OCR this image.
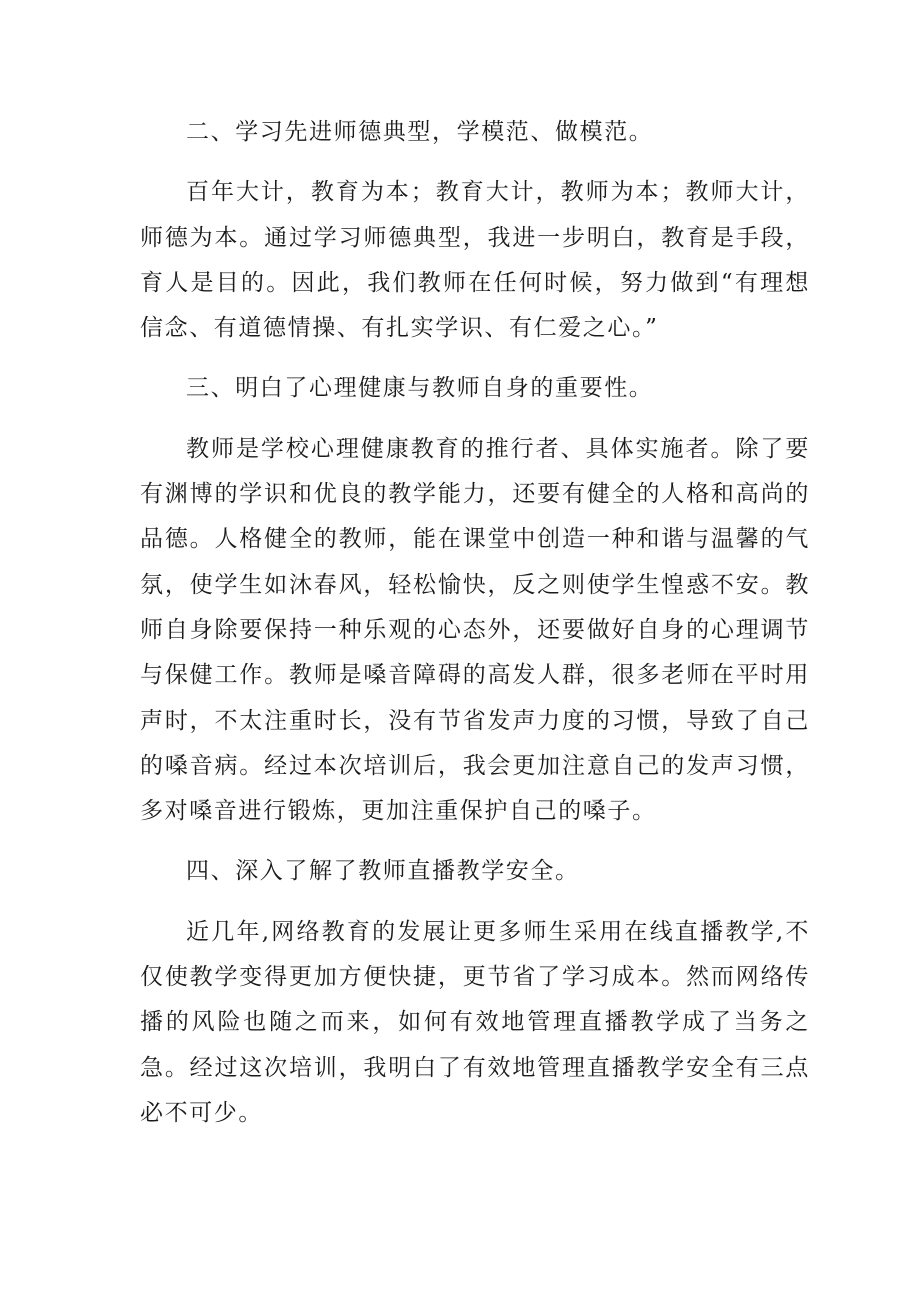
二、学习先进师德典型，学模范、做模范。

百年大计，教育为本；教育大计，教师为本；教师大计，师德为本。通过学习师德典型，我进一步明白，教育是手段，育人是目的。因此，我们教师在任何时候，努力做到“有理想信念、有道德情操、有扎实学识、有仁爱之心。”

三、明白了心理健康与教师自身的重要性。

教师是学校心理健康教育的推行者、具体实施者。除了要有渊博的学识和优良的教学能力，还要有健全的人格和高尚的品德。人格健全的教师，能在课堂中创造一种和谐与温馨的气氛，使学生如沐春风，轻松愉快，反之则使学生惶惑不安。教师自身除要保持一种乐观的心态外，还要做好自身的心理调节与保健工作。教师是嗓音障碍的高发人群，很多老师在平时用声时，不太注重时长，没有节省发声力度的习惯，导致了自己的嗓音病。经过本次培训后，我会更加注意自己的发声习惯，多对嗓音进行锻炼，更加注重保护自己的嗓子。

四、深入了解了教师直播教学安全。

近几年,网络教育的发展让更多师生采用在线直播教学,不仅使教学变得更加方便快捷，更节省了学习成本。然而网络传播的风险也随之而来，如何有效地管理直播教学成了当务之急。经过这次培训，我明白了有效地管理直播教学安全有三点必不可少。
